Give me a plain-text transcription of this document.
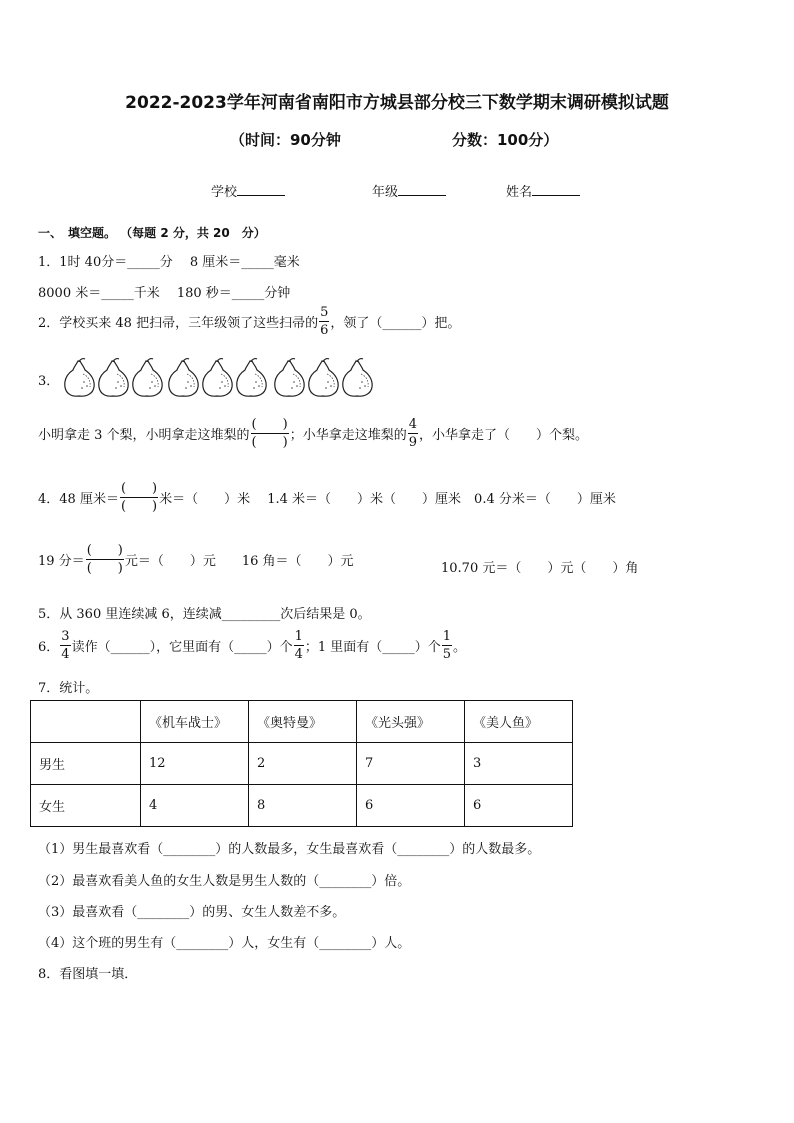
2022-2023学年河南省南阳市方城县部分校三下数学期末调研模拟试题
（时间：90分钟	分数：100分）
学校	年级	姓名
一、　填空题。 （每题 2 分，共 20　分）
1．1时 40分＝_____分　 8 厘米＝_____毫米
8000 米＝_____千米　 180 秒＝_____分钟
2．学校买来 48 把扫帚，三年级领了这些扫帚的 $\frac{5}{6}$ ，领了（______）把。
3．
小明拿走 3 个梨，小明拿走这堆梨的 $\frac{( )}{( )}$ ；小华拿走这堆梨的 $\frac{4}{9}$ ，小华拿走了（　　）个梨。
4．48 厘米＝ $\frac{( )}{( )}$ 米＝（　　）米　 1.4 米＝（　　）米（　　）厘米　0.4 分米＝（　　）厘米
19 分＝ $\frac{( )}{( )}$ 元＝（　　）元　　16 角＝（　　）元	10.70 元＝（　　）元（　　）角
5．从 360 里连续减 6，连续减_________次后结果是 0。
6． $\frac{3}{4}$ 读作（______），它里面有（_____）个 $\frac{1}{4}$ ；1 里面有（_____）个 $\frac{1}{5}$ 。
7．统计。
	《机车战士》	《奥特曼》	《光头强》	《美人鱼》
男生	12	2	7	3
女生	4	8	6	6
（1）男生最喜欢看（________）的人数最多，女生最喜欢看（________）的人数最多。
（2）最喜欢看美人鱼的女生人数是男生人数的（________）倍。
（3）最喜欢看（________）的男、女生人数差不多。
（4）这个班的男生有（________）人，女生有（________）人。
8．看图填一填．
